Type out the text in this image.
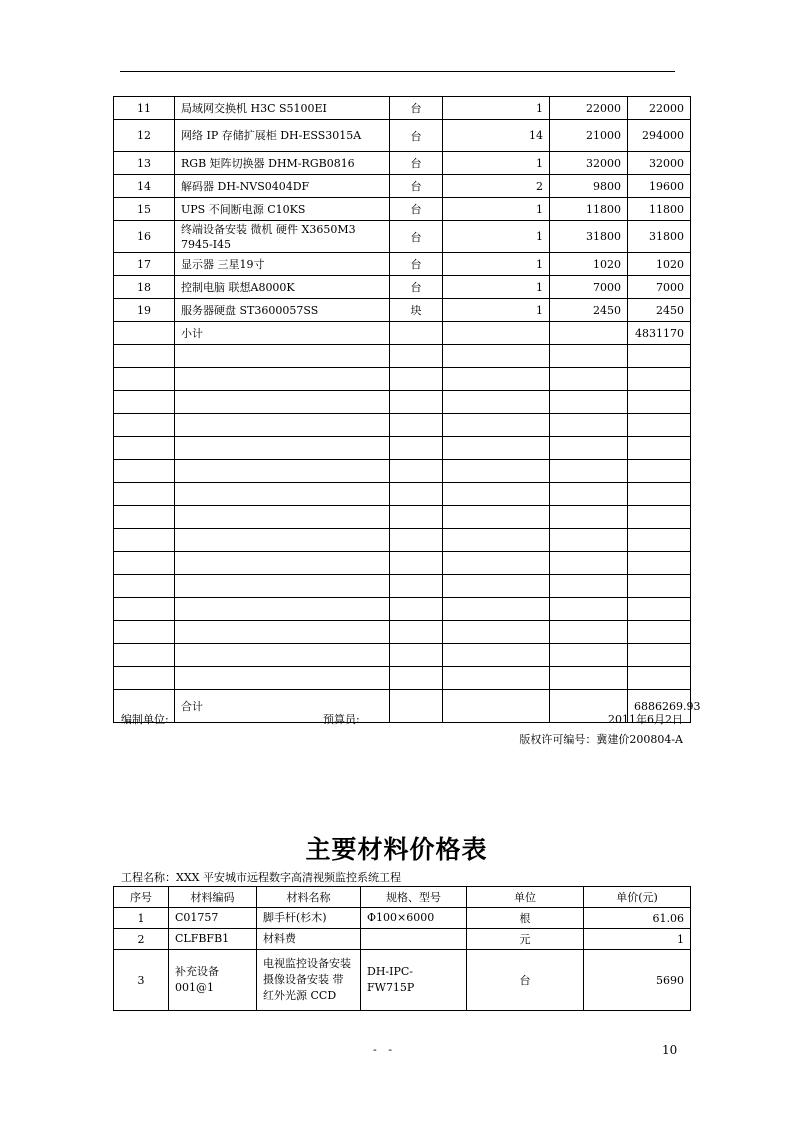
11	局域网交换机 H3C S5100EI	台	1	22000	22000
12	网络 IP 存储扩展柜 DH-ESS3015A	台	14	21000	294000
13	RGB 矩阵切换器 DHM-RGB0816	台	1	32000	32000
14	解码器 DH-NVS0404DF	台	2	9800	19600
15	UPS 不间断电源 C10KS	台	1	11800	11800
16	终端设备安装 微机 硬件 X3650M3 7945-I45	台	1	31800	31800
17	显示器 三星19寸	台	1	1020	1020
18	控制电脑 联想A8000K	台	1	7000	7000
19	服务器硬盘 ST3600057SS	块	1	2450	2450
	小计				4831170

	合计				6886269.93
编制单位:	预算员:	2011年6月2日
版权许可编号：冀建价200804-A
主要材料价格表
工程名称：XXX 平安城市远程数字高清视频监控系统工程
序号	材料编码	材料名称	规格、型号	单位	单价(元)
1	C01757	脚手杆(杉木)	Φ100×6000	根	61.06
2	CLFBFB1	材料费		元	1
3	补充设备 001@1	电视监控设备安装 摄像设备安装 带红外光源 CCD	DH-IPC-FW715P	台	5690
- -	10
